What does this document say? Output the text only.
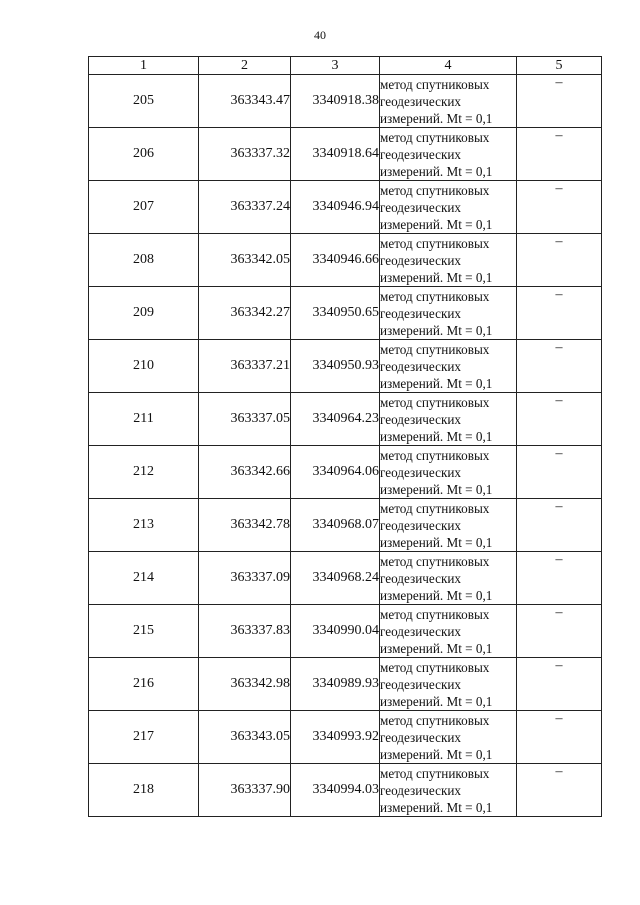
40
1	2	3	4	5
205	363343.47	3340918.38	метод спутниковых
геодезических
измерений. Mt = 0,1	–
206	363337.32	3340918.64	метод спутниковых
геодезических
измерений. Mt = 0,1	–
207	363337.24	3340946.94	метод спутниковых
геодезических
измерений. Mt = 0,1	–
208	363342.05	3340946.66	метод спутниковых
геодезических
измерений. Mt = 0,1	–
209	363342.27	3340950.65	метод спутниковых
геодезических
измерений. Mt = 0,1	–
210	363337.21	3340950.93	метод спутниковых
геодезических
измерений. Mt = 0,1	–
211	363337.05	3340964.23	метод спутниковых
геодезических
измерений. Mt = 0,1	–
212	363342.66	3340964.06	метод спутниковых
геодезических
измерений. Mt = 0,1	–
213	363342.78	3340968.07	метод спутниковых
геодезических
измерений. Mt = 0,1	–
214	363337.09	3340968.24	метод спутниковых
геодезических
измерений. Mt = 0,1	–
215	363337.83	3340990.04	метод спутниковых
геодезических
измерений. Mt = 0,1	–
216	363342.98	3340989.93	метод спутниковых
геодезических
измерений. Mt = 0,1	–
217	363343.05	3340993.92	метод спутниковых
геодезических
измерений. Mt = 0,1	–
218	363337.90	3340994.03	метод спутниковых
геодезических
измерений. Mt = 0,1	–
